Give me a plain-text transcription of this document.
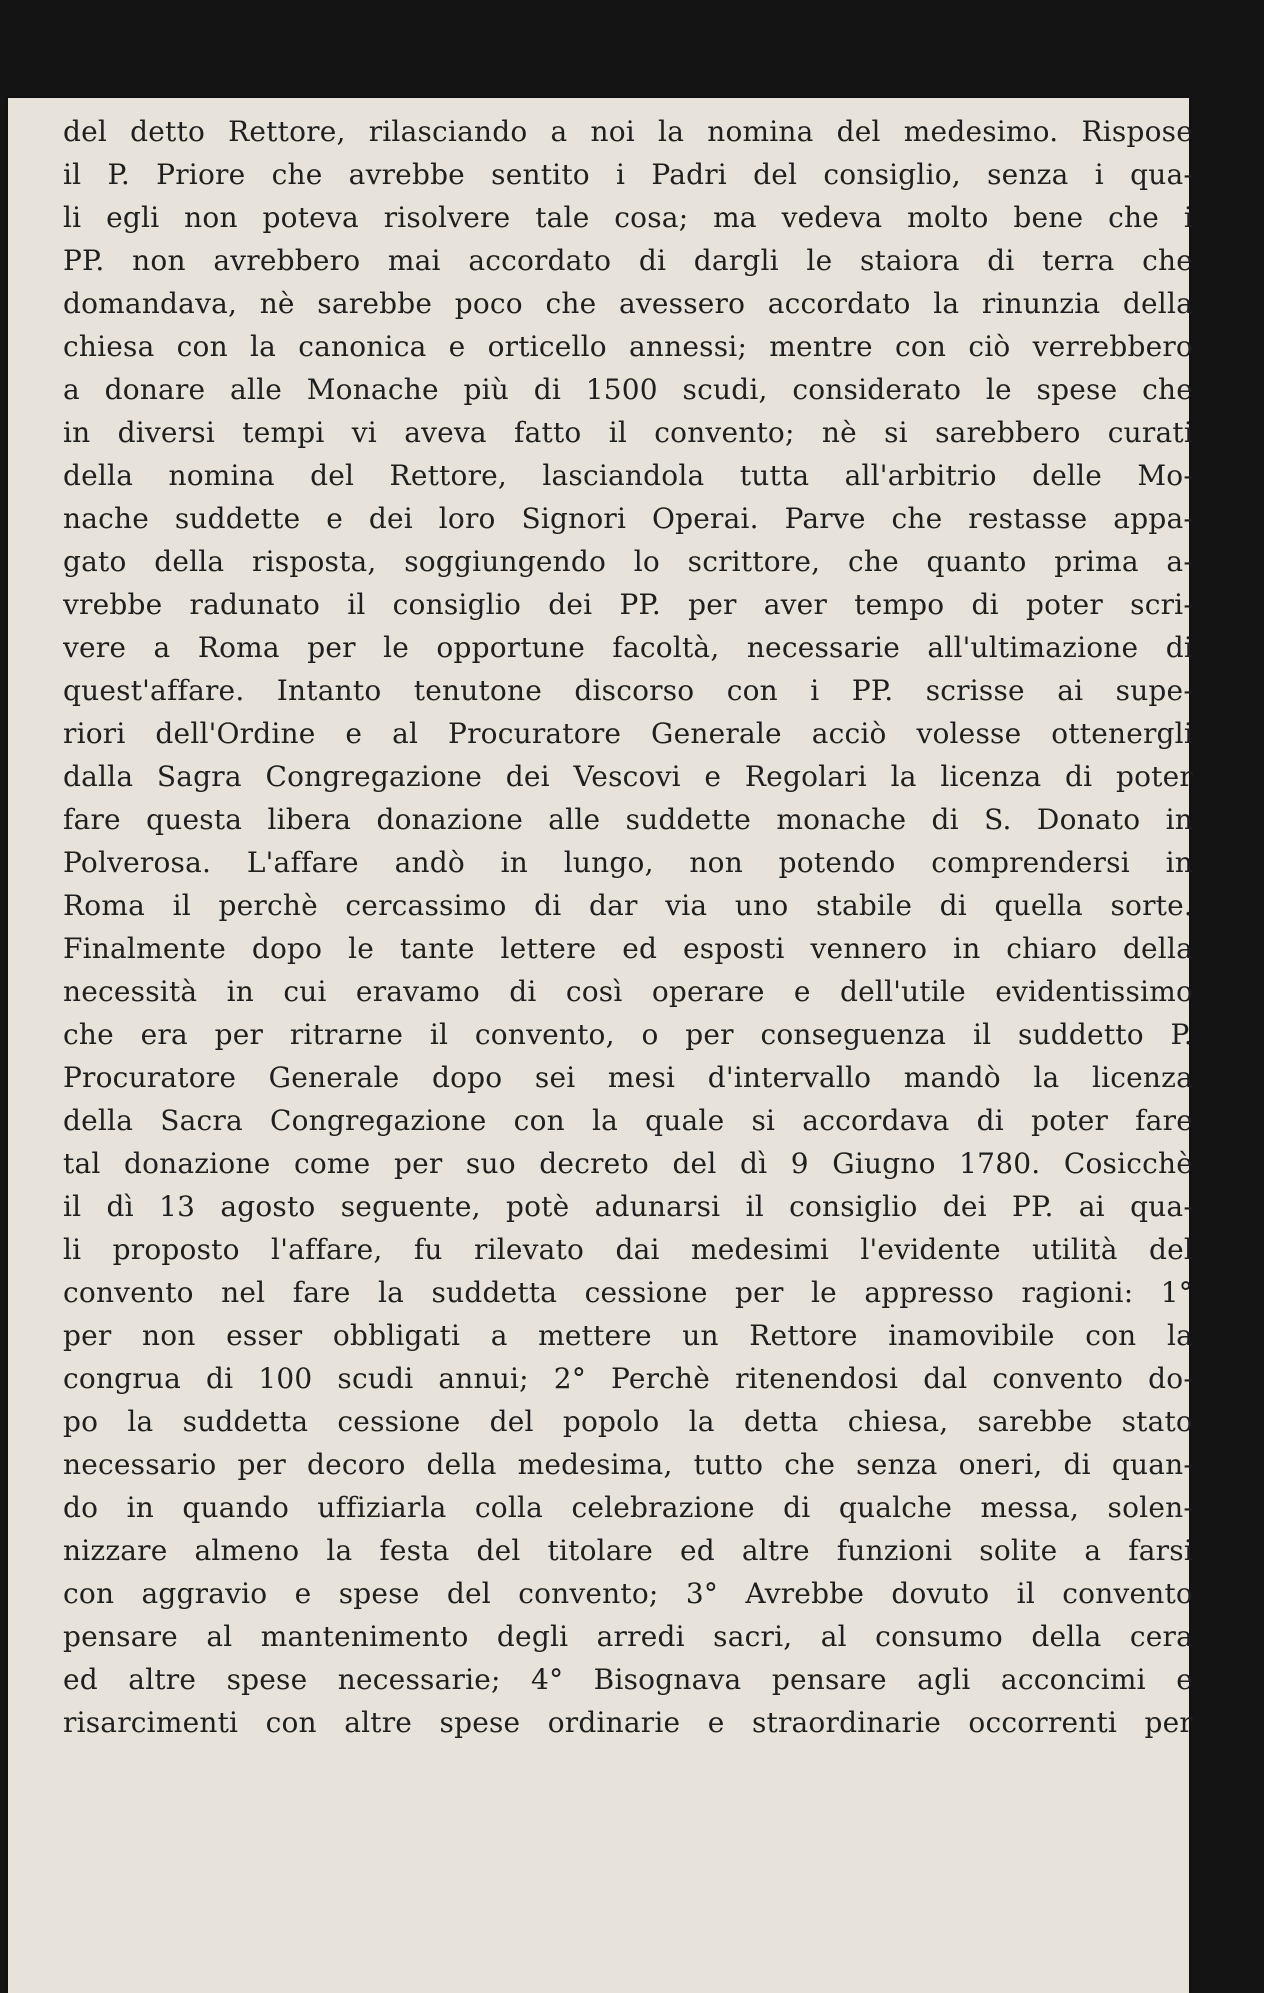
del detto Rettore, rilasciando a noi la nomina del medesimo. Rispose
il P. Priore che avrebbe sentito i Padri del consiglio, senza i qua-
li egli non poteva risolvere tale cosa; ma vedeva molto bene che i
PP. non avrebbero mai accordato di dargli le staiora di terra che
domandava, nè sarebbe poco che avessero accordato la rinunzia della
chiesa con la canonica e orticello annessi; mentre con ciò verrebbero
a donare alle Monache più di 1500 scudi, considerato le spese che
in diversi tempi vi aveva fatto il convento; nè si sarebbero curati
della nomina del Rettore, lasciandola tutta all'arbitrio delle Mo-
nache suddette e dei loro Signori Operai. Parve che restasse appa-
gato della risposta, soggiungendo lo scrittore, che quanto prima a-
vrebbe radunato il consiglio dei PP. per aver tempo di poter scri-
vere a Roma per le opportune facoltà, necessarie all'ultimazione di
quest'affare. Intanto tenutone discorso con i PP. scrisse ai supe-
riori dell'Ordine e al Procuratore Generale acciò volesse ottenergli
dalla Sagra Congregazione dei Vescovi e Regolari la licenza di poter
fare questa libera donazione alle suddette monache di S. Donato in
Polverosa. L'affare andò in lungo, non potendo comprendersi in
Roma il perchè cercassimo di dar via uno stabile di quella sorte.
Finalmente dopo le tante lettere ed esposti vennero in chiaro della
necessità in cui eravamo di così operare e dell'utile evidentissimo
che era per ritrarne il convento, o per conseguenza il suddetto P.
Procuratore Generale dopo sei mesi d'intervallo mandò la licenza
della Sacra Congregazione con la quale si accordava di poter fare
tal donazione come per suo decreto del dì 9 Giugno 1780. Cosicchè
il dì 13 agosto seguente, potè adunarsi il consiglio dei PP. ai qua-
li proposto l'affare, fu rilevato dai medesimi l'evidente utilità del
convento nel fare la suddetta cessione per le appresso ragioni: 1°
per non esser obbligati a mettere un Rettore inamovibile con la
congrua di 100 scudi annui; 2° Perchè ritenendosi dal convento do-
po la suddetta cessione del popolo la detta chiesa, sarebbe stato
necessario per decoro della medesima, tutto che senza oneri, di quan-
do in quando uffiziarla colla celebrazione di qualche messa, solen-
nizzare almeno la festa del titolare ed altre funzioni solite a farsi
con aggravio e spese del convento; 3° Avrebbe dovuto il convento
pensare al mantenimento degli arredi sacri, al consumo della cera
ed altre spese necessarie; 4° Bisognava pensare agli acconcimi e
risarcimenti con altre spese ordinarie e straordinarie occorrenti per
